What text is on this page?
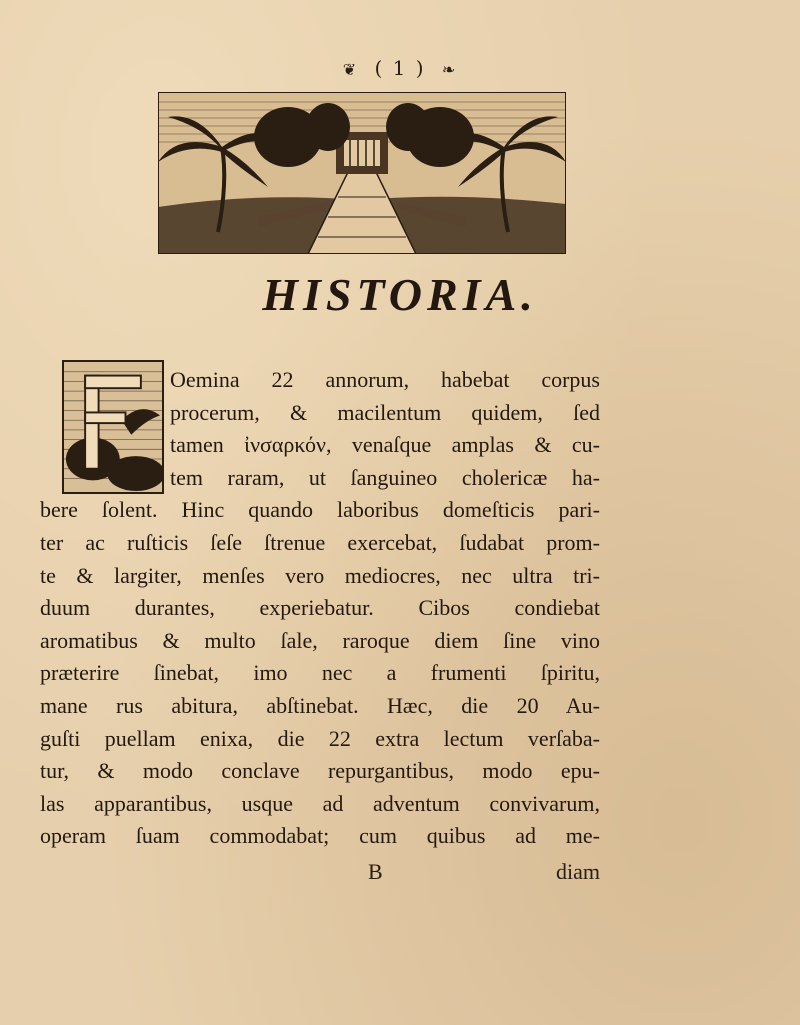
❦ ( 1 ) ❧
HISTORIA.
Oemina 22 annorum, habebat corpus
procerum, & macilentum quidem, ſed
tamen ἰνσαρκόν, venaſque amplas & cu-
tem raram, ut ſanguineo cholericæ ha-
bere ſolent. Hinc quando laboribus domeſticis pari-
ter ac ruſticis ſeſe ſtrenue exercebat, ſudabat prom-
te & largiter, menſes vero mediocres, nec ultra tri-
duum durantes, experiebatur. Cibos condiebat
aromatibus & multo ſale, raroque diem ſine vino
præterire ſinebat, imo nec a frumenti ſpiritu,
mane rus abitura, abſtinebat. Hæc, die 20 Au-
guſti puellam enixa, die 22 extra lectum verſaba-
tur, & modo conclave repurgantibus, modo epu-
las apparantibus, usque ad adventum convivarum,
operam ſuam commodabat; cum quibus ad me-
B	diam
